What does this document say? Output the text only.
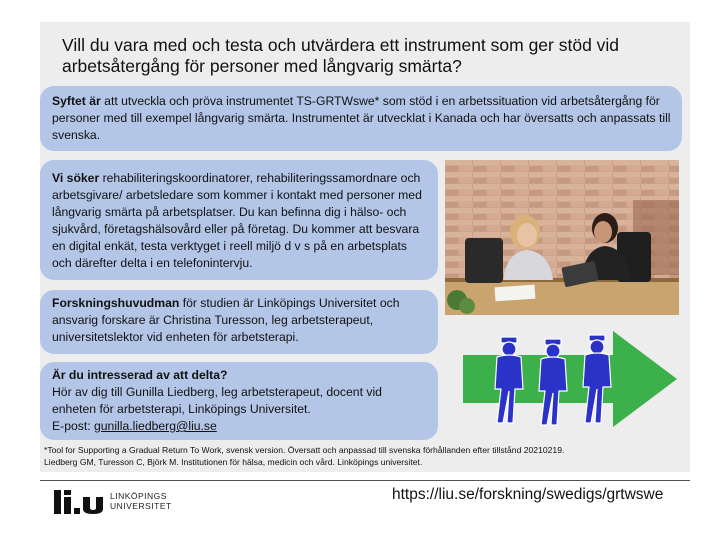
Vill du vara med och testa och utvärdera ett instrument som ger stöd vid arbetsåtergång för personer med långvarig smärta?
Syftet är att utveckla och pröva instrumentet TS-GRTWswe* som stöd i en arbetssituation vid arbetsåtergång för personer med till exempel långvarig smärta. Instrumentet är utvecklat i Kanada och har översatts och anpassats till svenska.
Vi söker rehabiliteringskoordinatorer, rehabiliteringssamordnare och arbetsgivare/ arbetsledare som kommer i kontakt med personer med långvarig smärta på arbetsplatser. Du kan befinna dig i hälso- och sjukvård, företagshälsovård eller på företag. Du kommer att besvara en digital enkät, testa verktyget i reell miljö d v s på en arbetsplats och därefter delta i en telefonintervju.
Forskningshuvudman för studien är Linköpings Universitet och ansvarig forskare är Christina Turesson, leg arbetsterapeut, universitetslektor vid enheten för arbetsterapi.
Är du intresserad av att delta?
Hör av dig till Gunilla Liedberg, leg arbetsterapeut, docent vid enheten för arbetsterapi, Linköpings Universitet.
E-post: gunilla.liedberg@liu.se
*Tool for Supporting a Gradual Return To Work, svensk version. Översatt och anpassad till svenska förhållanden efter tillstånd 20210219.
Liedberg GM, Turesson C, Björk M. Institutionen för hälsa, medicin och vård. Linköpings universitet.
LINKÖPINGS
UNIVERSITET
https://liu.se/forskning/swedigs/grtwswe
